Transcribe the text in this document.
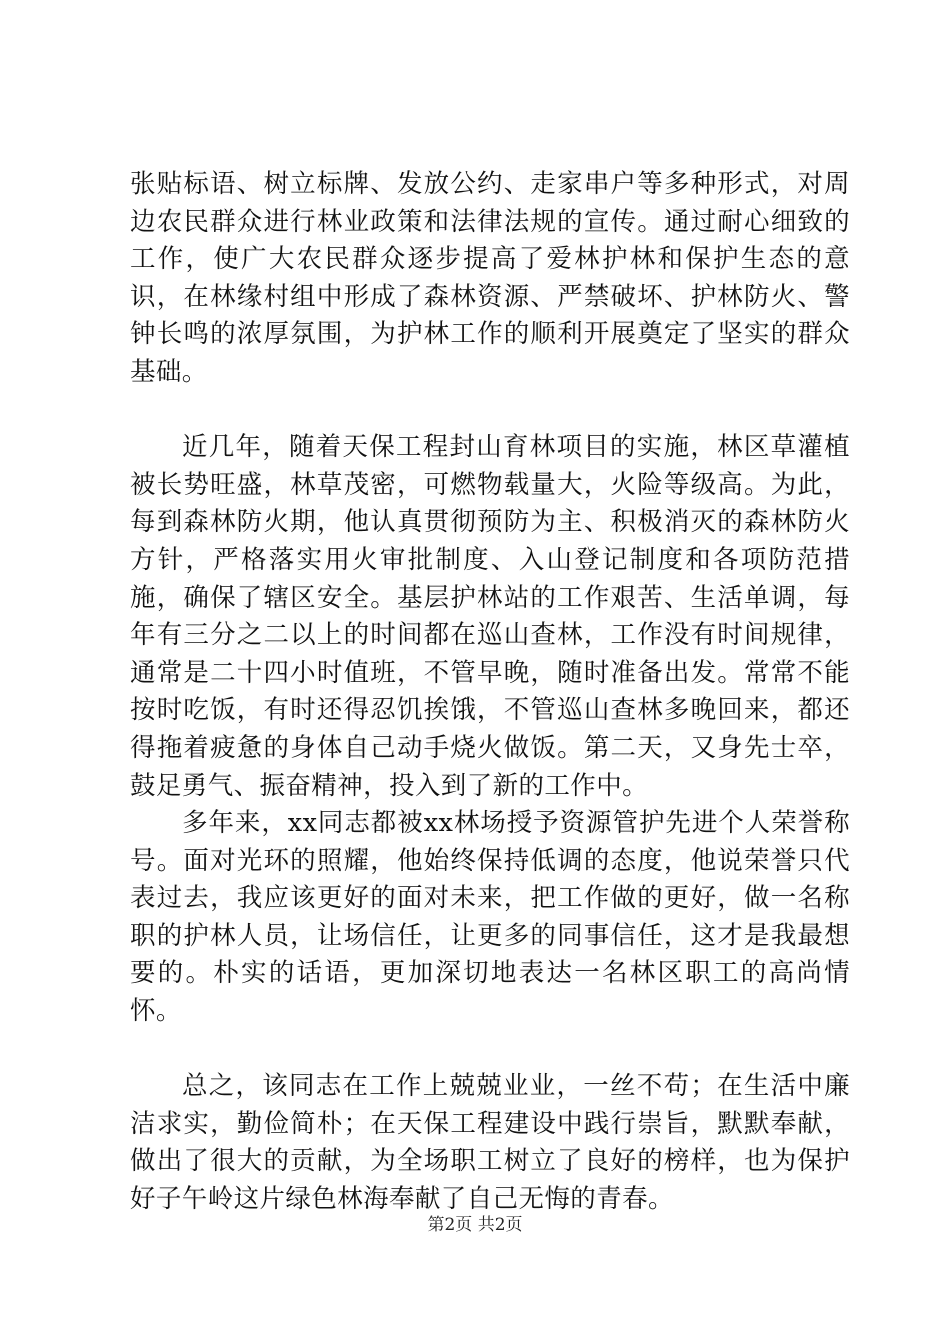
张贴标语、树立标牌、发放公约、走家串户等多种形式，对周边农民群众进行林业政策和法律法规的宣传。通过耐心细致的工作，使广大农民群众逐步提高了爱林护林和保护生态的意识，在林缘村组中形成了森林资源、严禁破坏、护林防火、警钟长鸣的浓厚氛围，为护林工作的顺利开展奠定了坚实的群众基础。

近几年，随着天保工程封山育林项目的实施，林区草灌植被长势旺盛，林草茂密，可燃物载量大，火险等级高。为此，每到森林防火期，他认真贯彻预防为主、积极消灭的森林防火方针，严格落实用火审批制度、入山登记制度和各项防范措施，确保了辖区安全。基层护林站的工作艰苦、生活单调，每年有三分之二以上的时间都在巡山查林，工作没有时间规律，通常是二十四小时值班，不管早晚，随时准备出发。常常不能按时吃饭，有时还得忍饥挨饿，不管巡山查林多晚回来，都还得拖着疲惫的身体自己动手烧火做饭。第二天，又身先士卒，鼓足勇气、振奋精神，投入到了新的工作中。

多年来，xx同志都被xx林场授予资源管护先进个人荣誉称号。面对光环的照耀，他始终保持低调的态度，他说荣誉只代表过去，我应该更好的面对未来，把工作做的更好，做一名称职的护林人员，让场信任，让更多的同事信任，这才是我最想要的。朴实的话语，更加深切地表达一名林区职工的高尚情怀。

总之，该同志在工作上兢兢业业，一丝不苟；在生活中廉洁求实，勤俭简朴；在天保工程建设中践行崇旨，默默奉献，做出了很大的贡献，为全场职工树立了良好的榜样，也为保护好子午岭这片绿色林海奉献了自己无悔的青春。

第2页 共2页
